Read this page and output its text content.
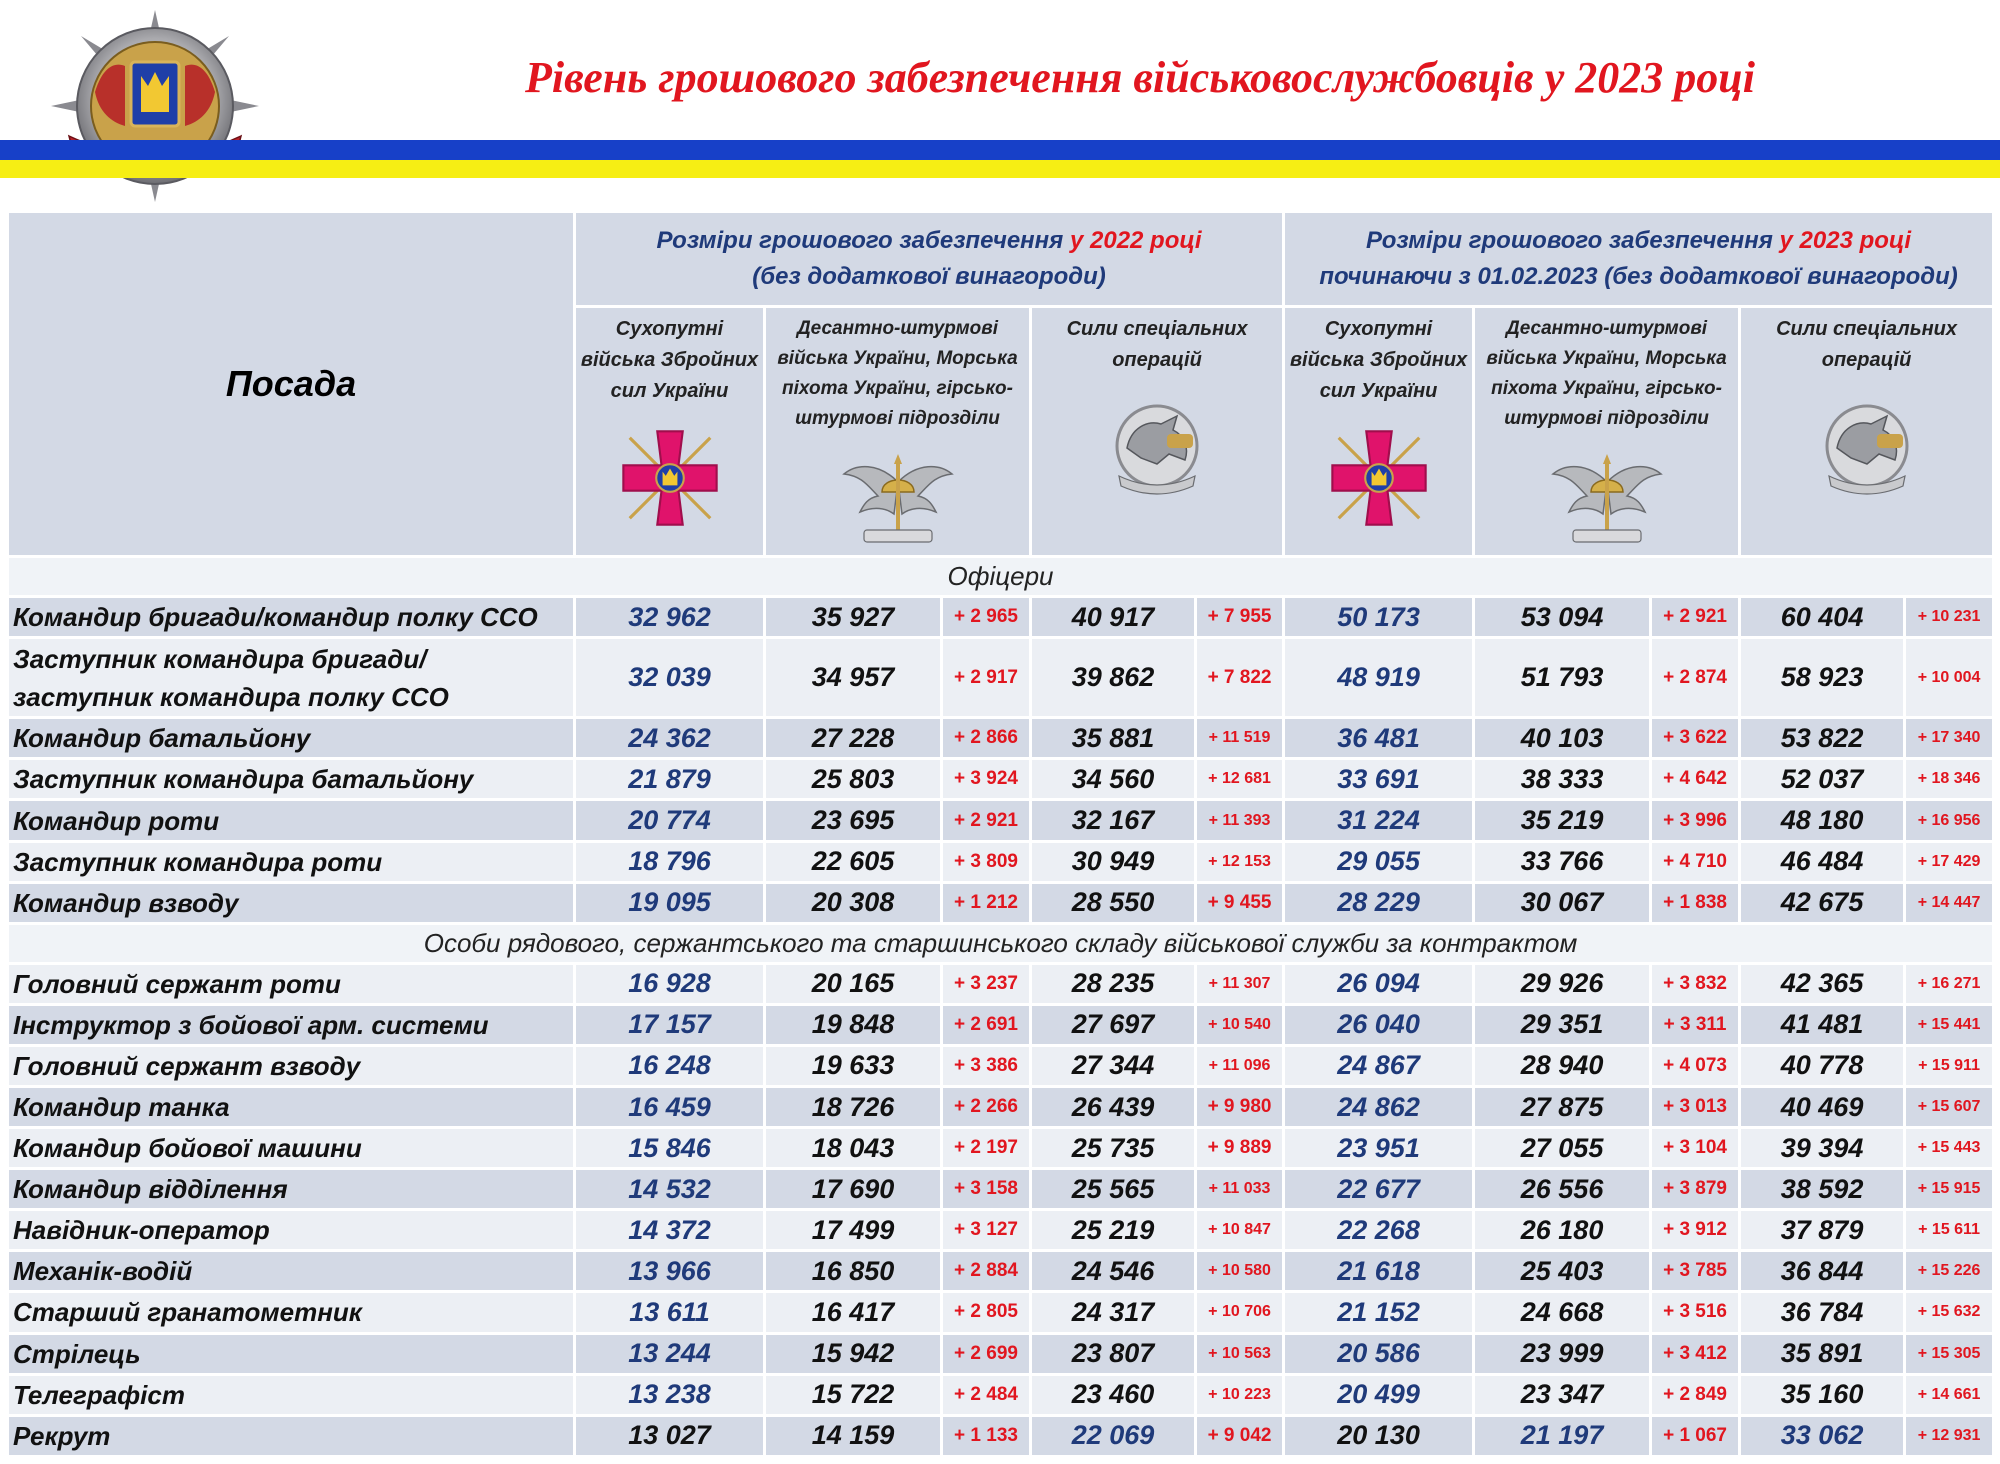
Рівень грошового забезпечення військовослужбовців у 2023 році
Посада	Розміри грошового забезпечення у 2022 році
(без додаткової винагороди)					Розміри грошового забезпечення у 2023 році
починаючи з 01.02.2023 (без додаткової винагороди)				

	Сухопутні війська Збройних сил України	Десантно-штурмові війська України, Морська піхота України, гірсько-штурмові підрозділи		Сили спеціальних операцій		Сухопутні війська Збройних сил України	Десантно-штурмові війська України, Морська піхота України, гірсько-штурмові підрозділи		Сили спеціальних операцій	

Офіцери										
Командир бригади/командир полку ССО	32 962	35 927	+ 2 965	40 917	+ 7 955	50 173	53 094	+ 2 921	60 404	+ 10 231
Заступник командира бригади/ заступник командира полку ССО	32 039	34 957	+ 2 917	39 862	+ 7 822	48 919	51 793	+ 2 874	58 923	+ 10 004
Командир батальйону	24 362	27 228	+ 2 866	35 881	+ 11 519	36 481	40 103	+ 3 622	53 822	+ 17 340
Заступник командира батальйону	21 879	25 803	+ 3 924	34 560	+ 12 681	33 691	38 333	+ 4 642	52 037	+ 18 346
Командир роти	20 774	23 695	+ 2 921	32 167	+ 11 393	31 224	35 219	+ 3 996	48 180	+ 16 956
Заступник командира роти	18 796	22 605	+ 3 809	30 949	+ 12 153	29 055	33 766	+ 4 710	46 484	+ 17 429
Командир взводу	19 095	20 308	+ 1 212	28 550	+ 9 455	28 229	30 067	+ 1 838	42 675	+ 14 447
Особи рядового, сержантського та старшинського складу військової служби за контрактом										
Головний сержант роти	16 928	20 165	+ 3 237	28 235	+ 11 307	26 094	29 926	+ 3 832	42 365	+ 16 271
Інструктор з бойової арм. системи	17 157	19 848	+ 2 691	27 697	+ 10 540	26 040	29 351	+ 3 311	41 481	+ 15 441
Головний сержант взводу	16 248	19 633	+ 3 386	27 344	+ 11 096	24 867	28 940	+ 4 073	40 778	+ 15 911
Командир танка	16 459	18 726	+ 2 266	26 439	+ 9 980	24 862	27 875	+ 3 013	40 469	+ 15 607
Командир бойової машини	15 846	18 043	+ 2 197	25 735	+ 9 889	23 951	27 055	+ 3 104	39 394	+ 15 443
Командир відділення	14 532	17 690	+ 3 158	25 565	+ 11 033	22 677	26 556	+ 3 879	38 592	+ 15 915
Навідник-оператор	14 372	17 499	+ 3 127	25 219	+ 10 847	22 268	26 180	+ 3 912	37 879	+ 15 611
Механік-водій	13 966	16 850	+ 2 884	24 546	+ 10 580	21 618	25 403	+ 3 785	36 844	+ 15 226
Старший гранатометник	13 611	16 417	+ 2 805	24 317	+ 10 706	21 152	24 668	+ 3 516	36 784	+ 15 632
Стрілець	13 244	15 942	+ 2 699	23 807	+ 10 563	20 586	23 999	+ 3 412	35 891	+ 15 305
Телеграфіст	13 238	15 722	+ 2 484	23 460	+ 10 223	20 499	23 347	+ 2 849	35 160	+ 14 661
Рекрут	13 027	14 159	+ 1 133	22 069	+ 9 042	20 130	21 197	+ 1 067	33 062	+ 12 931
